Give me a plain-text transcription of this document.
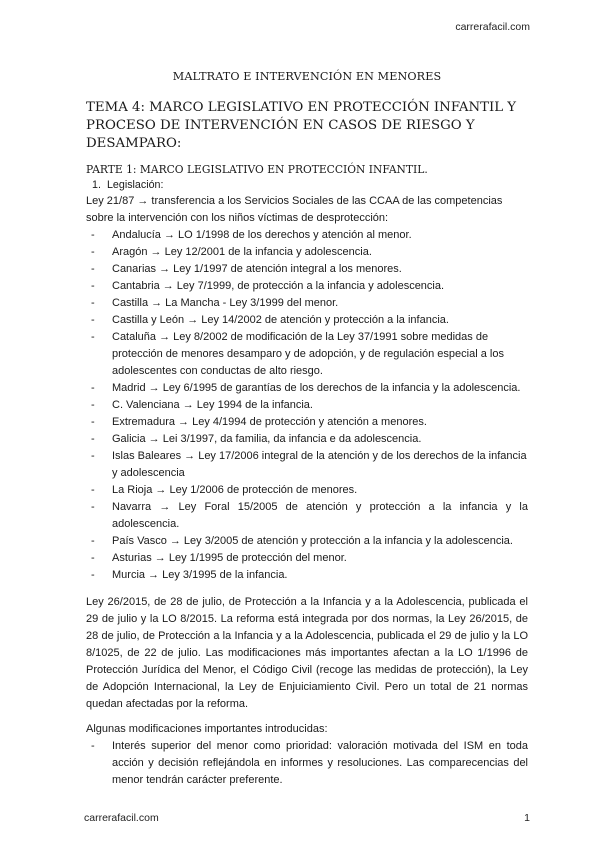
carrerafacil.com
MALTRATO E INTERVENCIÓN EN MENORES
TEMA 4: MARCO LEGISLATIVO EN PROTECCIÓN INFANTIL Y PROCESO DE INTERVENCIÓN EN CASOS DE RIESGO Y DESAMPARO:
PARTE 1: MARCO LEGISLATIVO EN PROTECCIÓN INFANTIL.
1. Legislación:

Ley 21/87 → transferencia a los Servicios Sociales de las CCAA de las competencias sobre la intervención con los niños víctimas de desprotección:

- Andalucía → LO 1/1998 de los derechos y atención al menor.
- Aragón → Ley 12/2001 de la infancia y adolescencia.
- Canarias → Ley 1/1997 de atención integral a los menores.
- Cantabria → Ley 7/1999, de protección a la infancia y adolescencia.
- Castilla → La Mancha - Ley 3/1999 del menor.
- Castilla y León → Ley 14/2002 de atención y protección a la infancia.
- Cataluña → Ley 8/2002 de modificación de la Ley 37/1991 sobre medidas de protección de menores desamparo y de adopción, y de regulación especial a los adolescentes con conductas de alto riesgo.
- Madrid → Ley 6/1995 de garantías de los derechos de la infancia y la adolescencia.
- C. Valenciana → Ley 1994 de la infancia.
- Extremadura → Ley 4/1994 de protección y atención a menores.
- Galicia → Lei 3/1997, da familia, da infancia e da adolescencia.
- Islas Baleares → Ley 17/2006 integral de la atención y de los derechos de la infancia y adolescencia
- La Rioja → Ley 1/2006 de protección de menores.
- Navarra → Ley Foral 15/2005 de atención y protección a la infancia y la adolescencia.
- País Vasco → Ley 3/2005 de atención y protección a la infancia y la adolescencia.
- Asturias → Ley 1/1995 de protección del menor.
- Murcia → Ley 3/1995 de la infancia.

Ley 26/2015, de 28 de julio, de Protección a la Infancia y a la Adolescencia, publicada el 29 de julio y la LO 8/2015. La reforma está integrada por dos normas, la Ley 26/2015, de 28 de julio, de Protección a la Infancia y a la Adolescencia, publicada el 29 de julio y la LO 8/1025, de 22 de julio. Las modificaciones más importantes afectan a la LO 1/1996 de Protección Jurídica del Menor, el Código Civil (recoge las medidas de protección), la Ley de Adopción Internacional, la Ley de Enjuiciamiento Civil. Pero un total de 21 normas quedan afectadas por la reforma.

Algunas modificaciones importantes introducidas:

- Interés superior del menor como prioridad: valoración motivada del ISM en toda acción y decisión reflejándola en informes y resoluciones. Las comparecencias del menor tendrán carácter preferente.
carrerafacil.com	1
